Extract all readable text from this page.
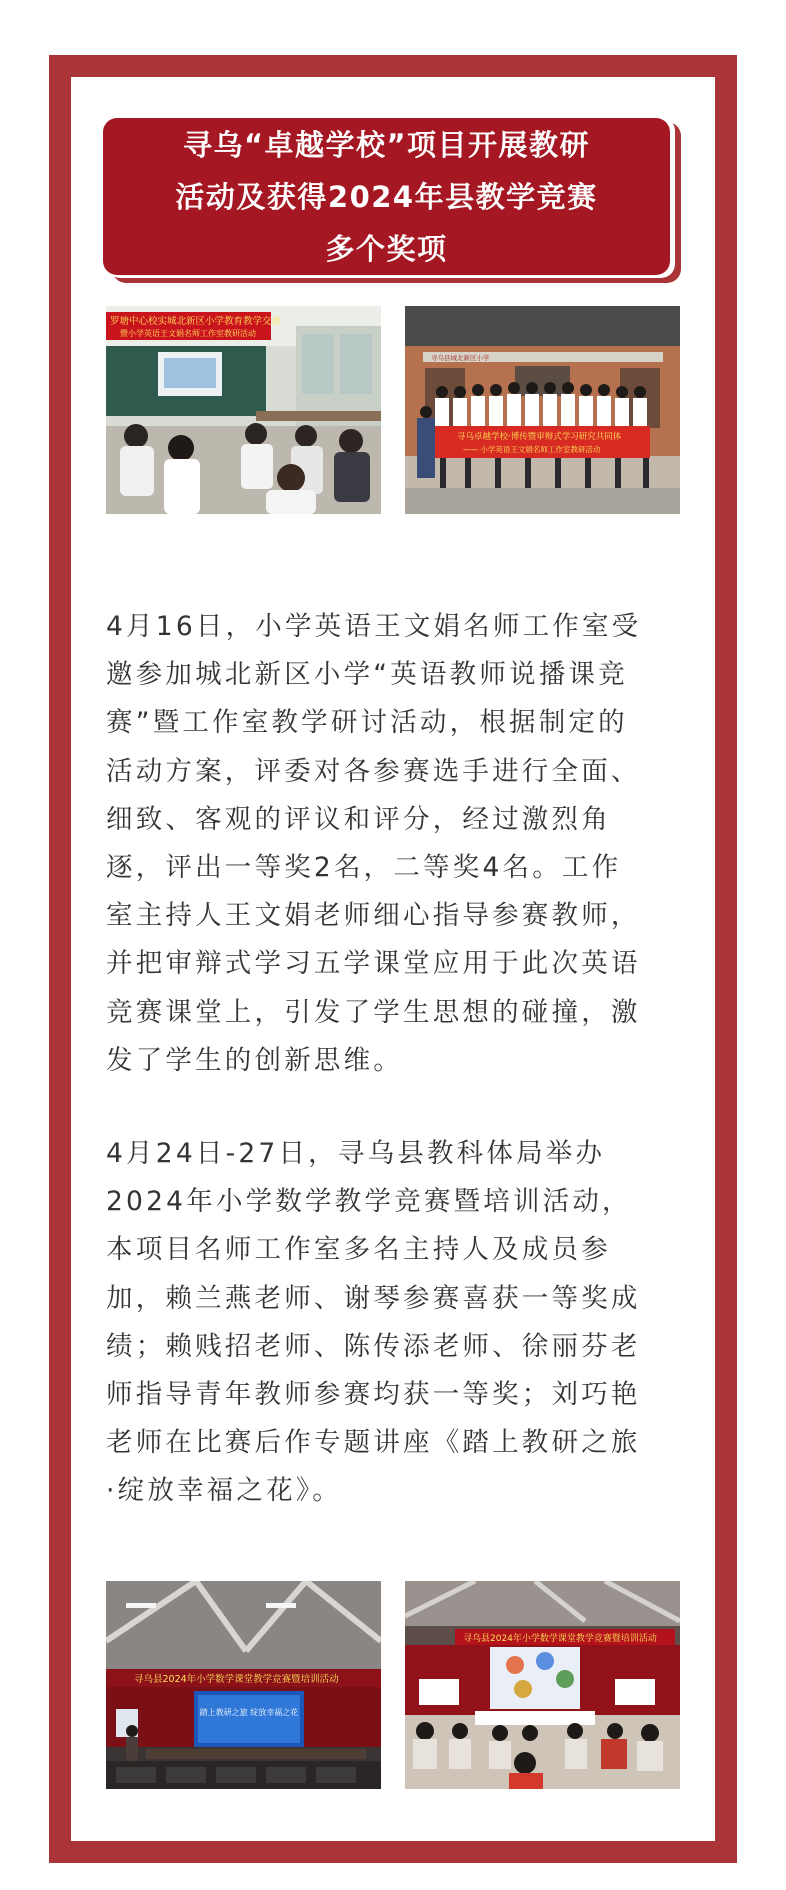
寻乌“卓越学校”项目开展教研
活动及获得2024年县教学竞赛
多个奖项
罗塘中心校实城北新区小学教育教学交流
暨小学英语王文娟名师工作室教研活动
寻乌县城北新区小学
寻乌卓越学校·博传暨审辩式学习研究共同体
—— 小学英语王文娟名师工作室教研活动
4月16日，小学英语王文娟名师工作室受
邀参加城北新区小学“英语教师说播课竞
赛”暨工作室教学研讨活动，根据制定的
活动方案，评委对各参赛选手进行全面、
细致、客观的评议和评分，经过激烈角
逐，评出一等奖2名，二等奖4名。工作
室主持人王文娟老师细心指导参赛教师，
并把审辩式学习五学课堂应用于此次英语
竞赛课堂上，引发了学生思想的碰撞，激
发了学生的创新思维。
4月24日-27日，寻乌县教科体局举办
2024年小学数学教学竞赛暨培训活动，
本项目名师工作室多名主持人及成员参
加，赖兰燕老师、谢琴参赛喜获一等奖成
绩；赖贱招老师、陈传添老师、徐丽芬老
师指导青年教师参赛均获一等奖；刘巧艳
老师在比赛后作专题讲座《踏上教研之旅
·绽放幸福之花》。
寻乌县2024年小学数学课堂教学竞赛暨培训活动
踏上教研之旅 绽放幸福之花
寻乌县2024年小学数学课堂教学竞赛暨培训活动
